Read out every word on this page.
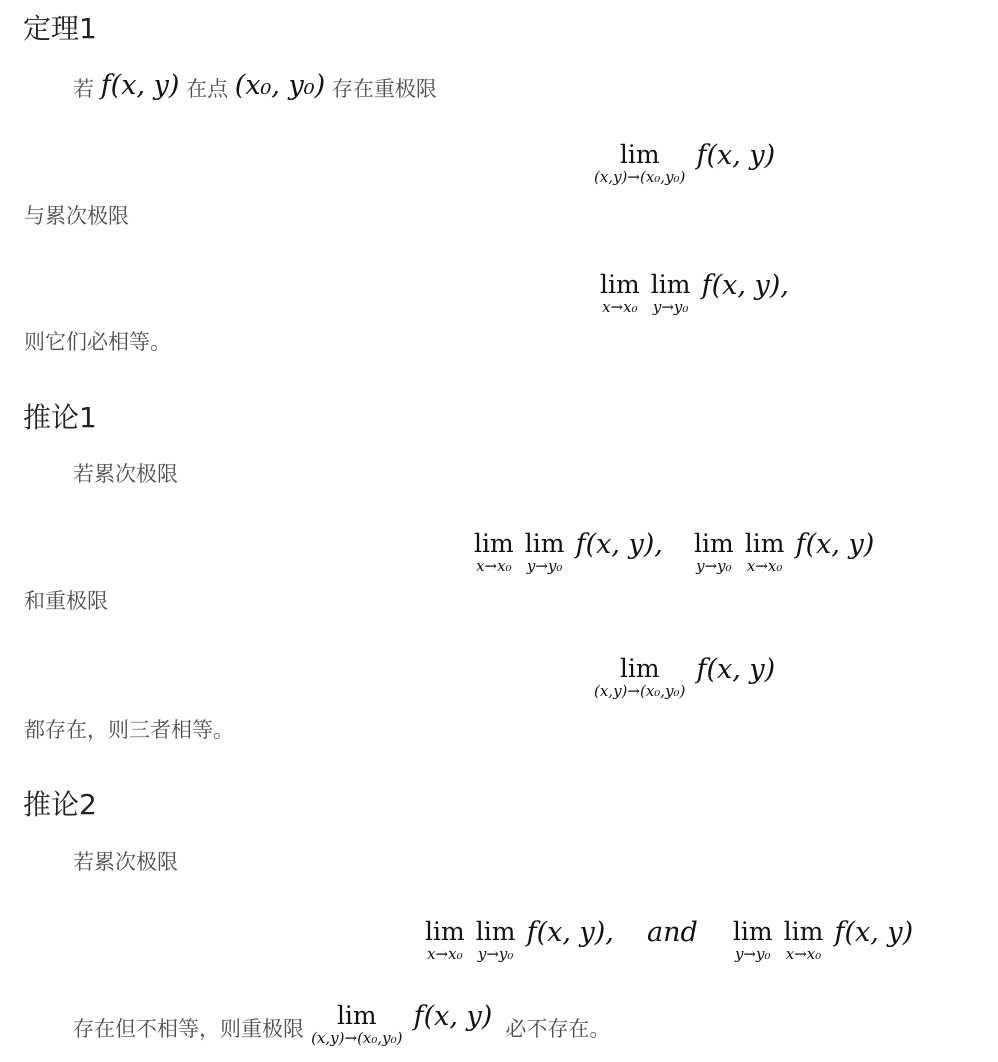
定理1
若 f(x, y) 在点 (x₀, y₀) 存在重极限
lim
(x,y)→(x₀,y₀)
f(x, y)
与累次极限
lim
x→x₀

lim
y→y₀
f(x, y),
则它们必相等。
推论1
若累次极限
lim
x→x₀

lim
y→y₀
f(x, y), lim
y→y₀

lim
x→x₀
f(x, y)
和重极限
lim
(x,y)→(x₀,y₀)
f(x, y)
都存在，则三者相等。
推论2
若累次极限
lim
x→x₀

lim
y→y₀
f(x, y), and lim
y→y₀

lim
x→x₀
f(x, y)
存在但不相等，则重极限	lim
(x,y)→(x₀,y₀)
f(x, y) 必不存在。
